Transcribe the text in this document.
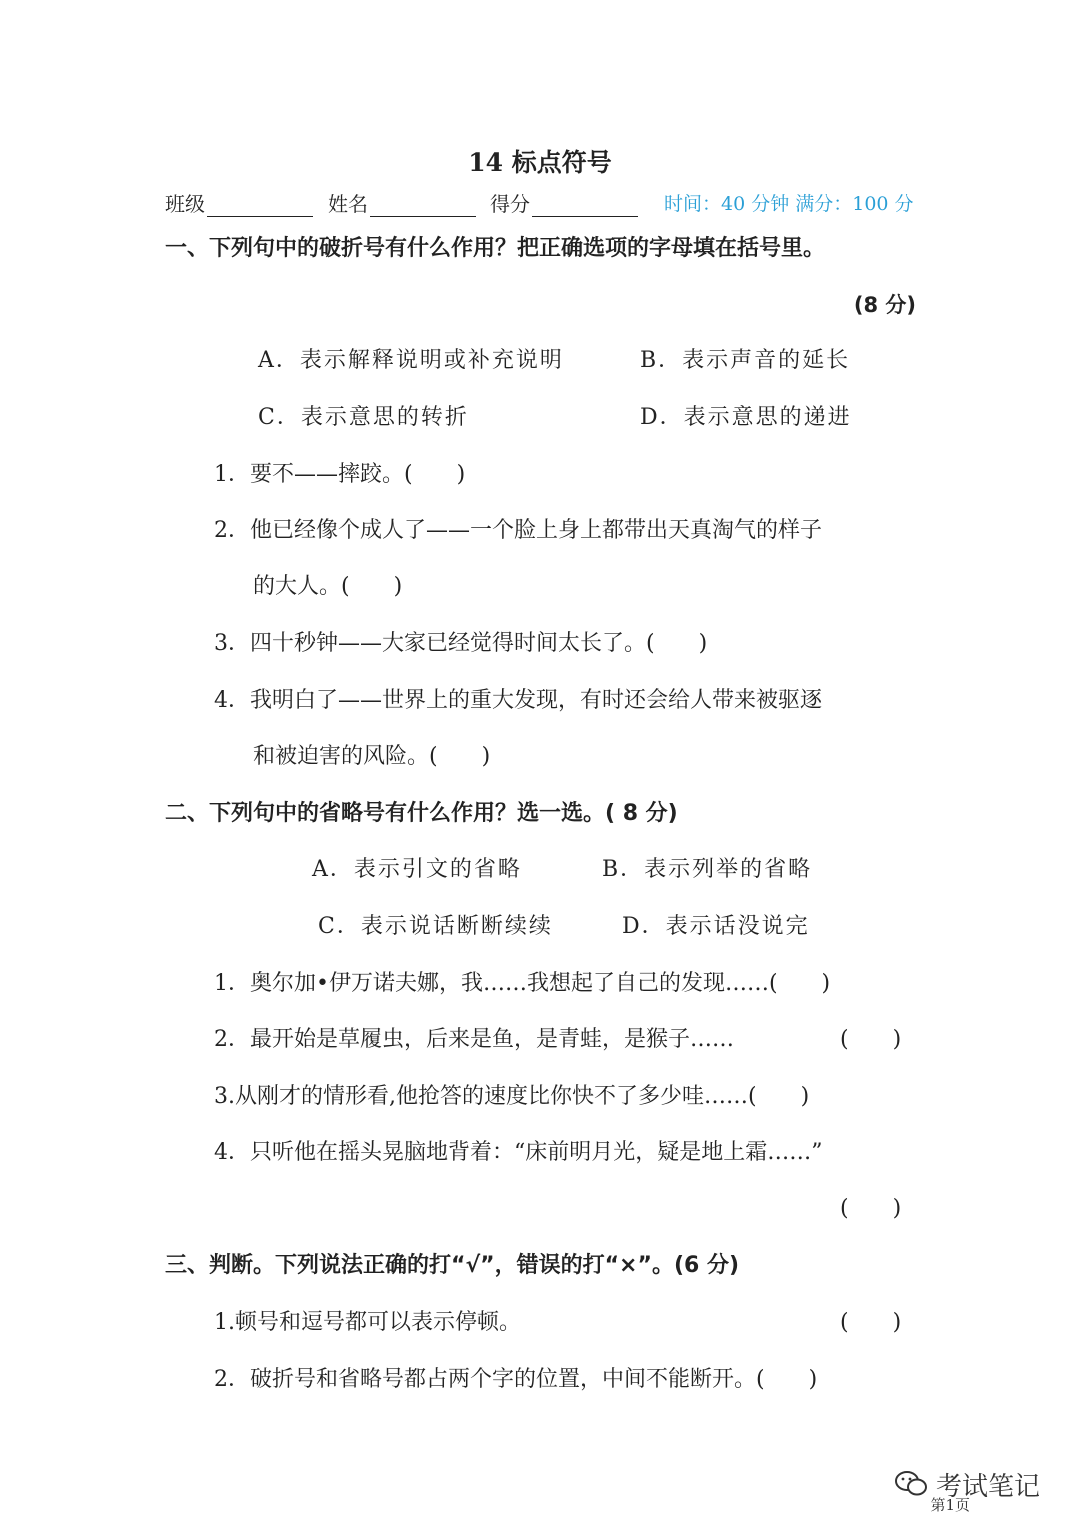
14 标点符号
班级	姓名	得分	时间：40 分钟 满分：100 分
一、下列句中的破折号有什么作用？把正确选项的字母填在括号里。
(8 分)
A．表示解释说明或补充说明	B．表示声音的延长
C．表示意思的转折	D．表示意思的递进
1．要不——摔跤。(　　)
2．他已经像个成人了——一个脸上身上都带出天真淘气的样子
的大人。(　　)
3．四十秒钟——大家已经觉得时间太长了。(　　)
4．我明白了——世界上的重大发现，有时还会给人带来被驱逐
和被迫害的风险。(　　)
二、下列句中的省略号有什么作用？选一选。( 8 分)
A．表示引文的省略	B．表示列举的省略
C．表示说话断断续续	D．表示话没说完
1．奥尔加•伊万诺夫娜，我……我想起了自己的发现……(　　)
2．最开始是草履虫，后来是鱼，是青蛙，是猴子……	(　　)
3.从刚才的情形看,他抢答的速度比你快不了多少哇……(　　)
4．只听他在摇头晃脑地背着：“床前明月光，疑是地上霜……”
(　　)
三、判断。下列说法正确的打“√”，错误的打“×”。(6 分)
1.顿号和逗号都可以表示停顿。	(　　)
2．破折号和省略号都占两个字的位置，中间不能断开。(　　)
考试笔记
第1页
